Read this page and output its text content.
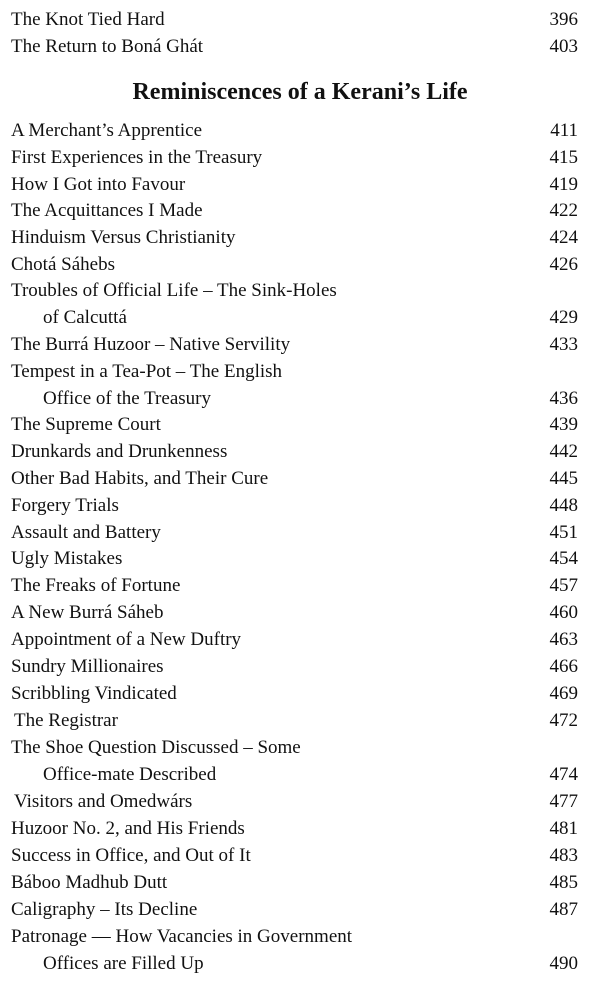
The Knot Tied Hard	396
The Return to Boná Ghát	403
Reminiscences of a Kerani’s Life
A Merchant’s Apprentice	411
First Experiences in the Treasury	415
How I Got into Favour	419
The Acquittances I Made	422
Hinduism Versus Christianity	424
Chotá Sáhebs	426
Troubles of Official Life – The Sink-Holes
of Calcuttá	429
The Burrá Huzoor – Native Servility	433
Tempest in a Tea-Pot – The English
Office of the Treasury	436
The Supreme Court	439
Drunkards and Drunkenness	442
Other Bad Habits, and Their Cure	445
Forgery Trials	448
Assault and Battery	451
Ugly Mistakes	454
The Freaks of Fortune	457
A New Burrá Sáheb	460
Appointment of a New Duftry	463
Sundry Millionaires	466
Scribbling Vindicated	469
The Registrar	472
The Shoe Question Discussed – Some
Office-mate Described	474
Visitors and Omedwárs	477
Huzoor No. 2, and His Friends	481
Success in Office, and Out of It	483
Báboo Madhub Dutt	485
Caligraphy – Its Decline	487
Patronage — How Vacancies in Government
Offices are Filled Up	490
